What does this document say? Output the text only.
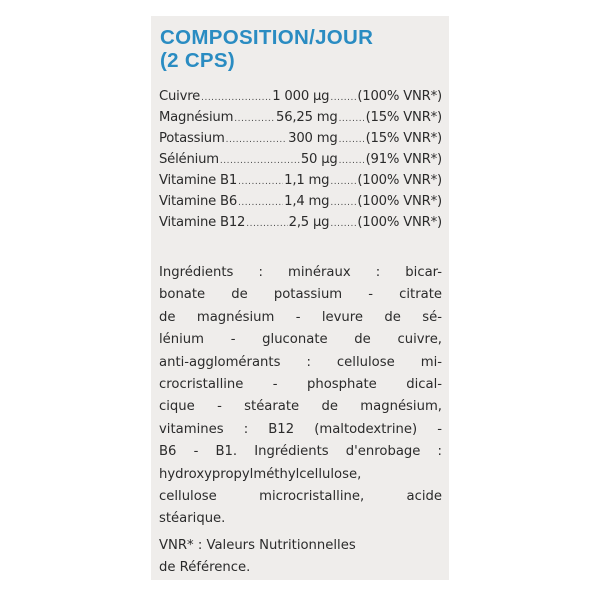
COMPOSITION/JOUR
(2 CPS)
Cuivre .....	1 000 µg ..... (100% VNR*)
Magnésium .....	56,25 mg ..... (15% VNR*)
Potassium .....	300 mg ..... (15% VNR*)
Sélénium .....	50 µg ..... (91% VNR*)
Vitamine B1 .....	1,1 mg ..... (100% VNR*)
Vitamine B6 .....	1,4 mg ..... (100% VNR*)
Vitamine B12 .....	2,5 µg ..... (100% VNR*)
Ingrédients : minéraux : bicar-
bonate de potassium - citrate
de magnésium - levure de sé-
lénium - gluconate de cuivre,
anti-agglomérants : cellulose mi-
crocristalline - phosphate dical-
cique - stéarate de magnésium,
vitamines : B12 (maltodextrine) -
B6 - B1. Ingrédients d'enrobage :
hydroxypropylméthylcellulose,
cellulose microcristalline, acide
stéarique.
VNR* : Valeurs Nutritionnelles
de Référence.
